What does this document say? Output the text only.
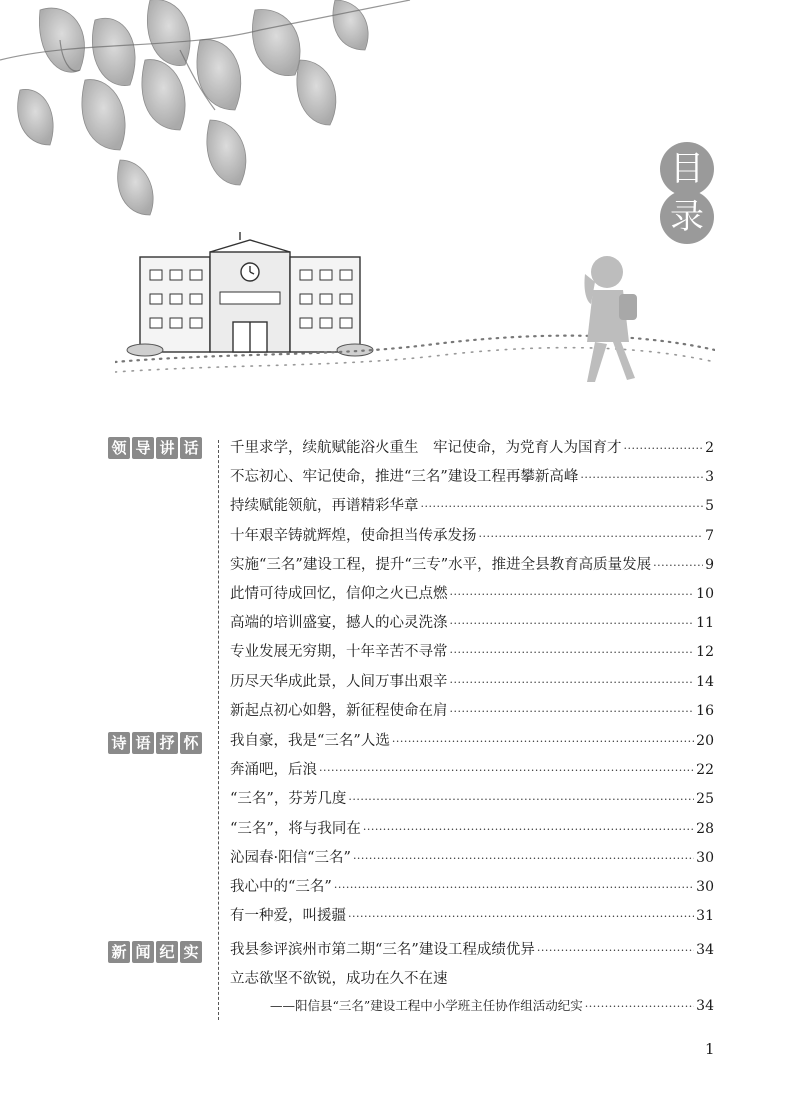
目
录
领 导 讲 话
诗 语 抒 怀
新 闻 纪 实
千里求学，续航赋能浴火重生　牢记使命，为党育人为国育才 ·····	2
不忘初心、牢记使命，推进“三名”建设工程再攀新高峰 ·····	3
持续赋能领航，再谱精彩华章 ·····	5
十年艰辛铸就辉煌，使命担当传承发扬 ·····	7
实施“三名”建设工程，提升“三专”水平，推进全县教育高质量发展 ·····	9
此情可待成回忆，信仰之火已点燃 ·····	10
高端的培训盛宴，撼人的心灵洗涤 ·····	11
专业发展无穷期，十年辛苦不寻常 ·····	12
历尽天华成此景，人间万事出艰辛 ·····	14
新起点初心如磐，新征程使命在肩 ·····	16
我自豪，我是“三名”人选 ·····	20
奔涌吧，后浪 ·····	22
“三名”，芬芳几度 ·····	25
“三名”，将与我同在 ·····	28
沁园春·阳信“三名” ·····	30
我心中的“三名” ·····	30
有一种爱，叫援疆 ·····	31
我县参评滨州市第二期“三名”建设工程成绩优异 ·····	34
立志欲坚不欲锐，成功在久不在速
——阳信县“三名”建设工程中小学班主任协作组活动纪实 ·····	34
1
